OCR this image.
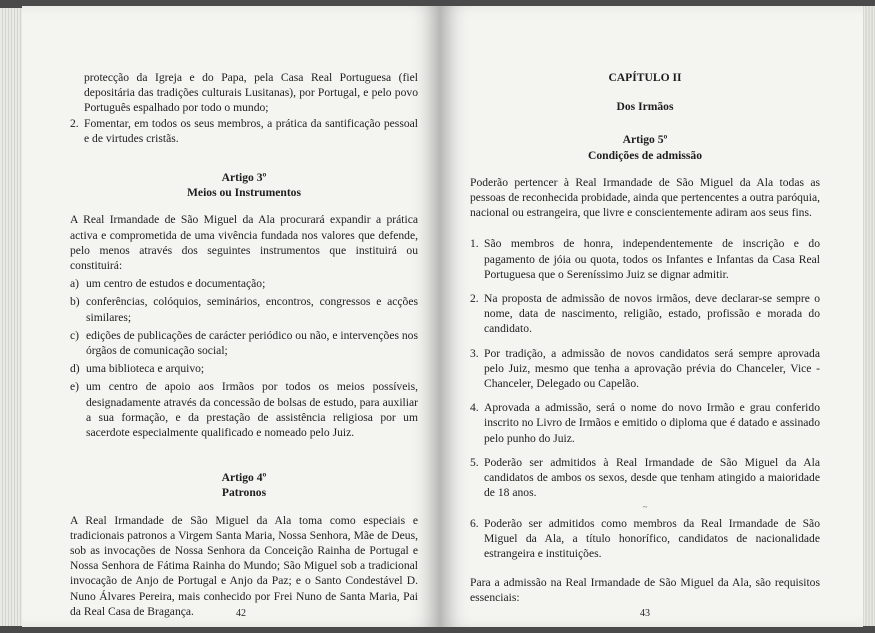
protecção da Igreja e do Papa, pela Casa Real Portuguesa (fiel depositária das tradições culturais Lusitanas), por Portugal, e pelo povo Português espalhado por todo o mundo;

2. Fomentar, em todos os seus membros, a prática da santificação pessoal e de virtudes cristãs.

Artigo 3º

Meios ou Instrumentos

A Real Irmandade de São Miguel da Ala procurará expandir a prática activa e comprometida de uma vivência fundada nos valores que defende, pelo menos através dos seguintes instrumentos que instituirá ou constituirá:

a) um centro de estudos e documentação;
b) conferências, colóquios, seminários, encontros, congressos e acções similares;
c) edições de publicações de carácter periódico ou não, e intervenções nos órgãos de comunicação social;
d) uma biblioteca e arquivo;
e) um centro de apoio aos Irmãos por todos os meios possíveis, designadamente através da concessão de bolsas de estudo, para auxiliar a sua formação, e da prestação de assistência religiosa por um sacerdote especialmente qualificado e nomeado pelo Juiz.

Artigo 4º

Patronos

A Real Irmandade de São Miguel da Ala toma como especiais e tradicionais patronos a Virgem Santa Maria, Nossa Senhora, Mãe de Deus, sob as invocações de Nossa Senhora da Conceição Rainha de Portugal e Nossa Senhora de Fátima Rainha do Mundo; São Miguel sob a tradicional invocação de Anjo de Portugal e Anjo da Paz; e o Santo Condestável D. Nuno Álvares Pereira, mais conhecido por Frei Nuno de Santa Maria, Pai da Real Casa de Bragança.	42

CAPÍTULO II

Dos Irmãos

Artigo 5º

Condições de admissão

Poderão pertencer à Real Irmandade de São Miguel da Ala todas as pessoas de reconhecida probidade, ainda que pertencentes a outra paróquia, nacional ou estrangeira, que livre e conscientemente adiram aos seus fins.

1. São membros de honra, independentemente de inscrição e do pagamento de jóia ou quota, todos os Infantes e Infantas da Casa Real Portuguesa que o Sereníssimo Juiz se dignar admitir.
2. Na proposta de admissão de novos irmãos, deve declarar-se sempre o nome, data de nascimento, religião, estado, profissão e morada do candidato.
3. Por tradição, a admissão de novos candidatos será sempre aprovada pelo Juiz, mesmo que tenha a aprovação prévia do Chanceler, Vice - Chanceler, Delegado ou Capelão.
4. Aprovada a admissão, será o nome do novo Irmão e grau conferido inscrito no Livro de Irmãos e emitido o diploma que é datado e assinado pelo punho do Juiz.
5. Poderão ser admitidos à Real Irmandade de São Miguel da Ala candidatos de ambos os sexos, desde que tenham atingido a maioridade de 18 anos.
~
6. Poderão ser admitidos como membros da Real Irmandade de São Miguel da Ala, a título honorífico, candidatos de nacionalidade estrangeira e instituições.

Para a admissão na Real Irmandade de São Miguel da Ala, são requisitos essenciais:

43
